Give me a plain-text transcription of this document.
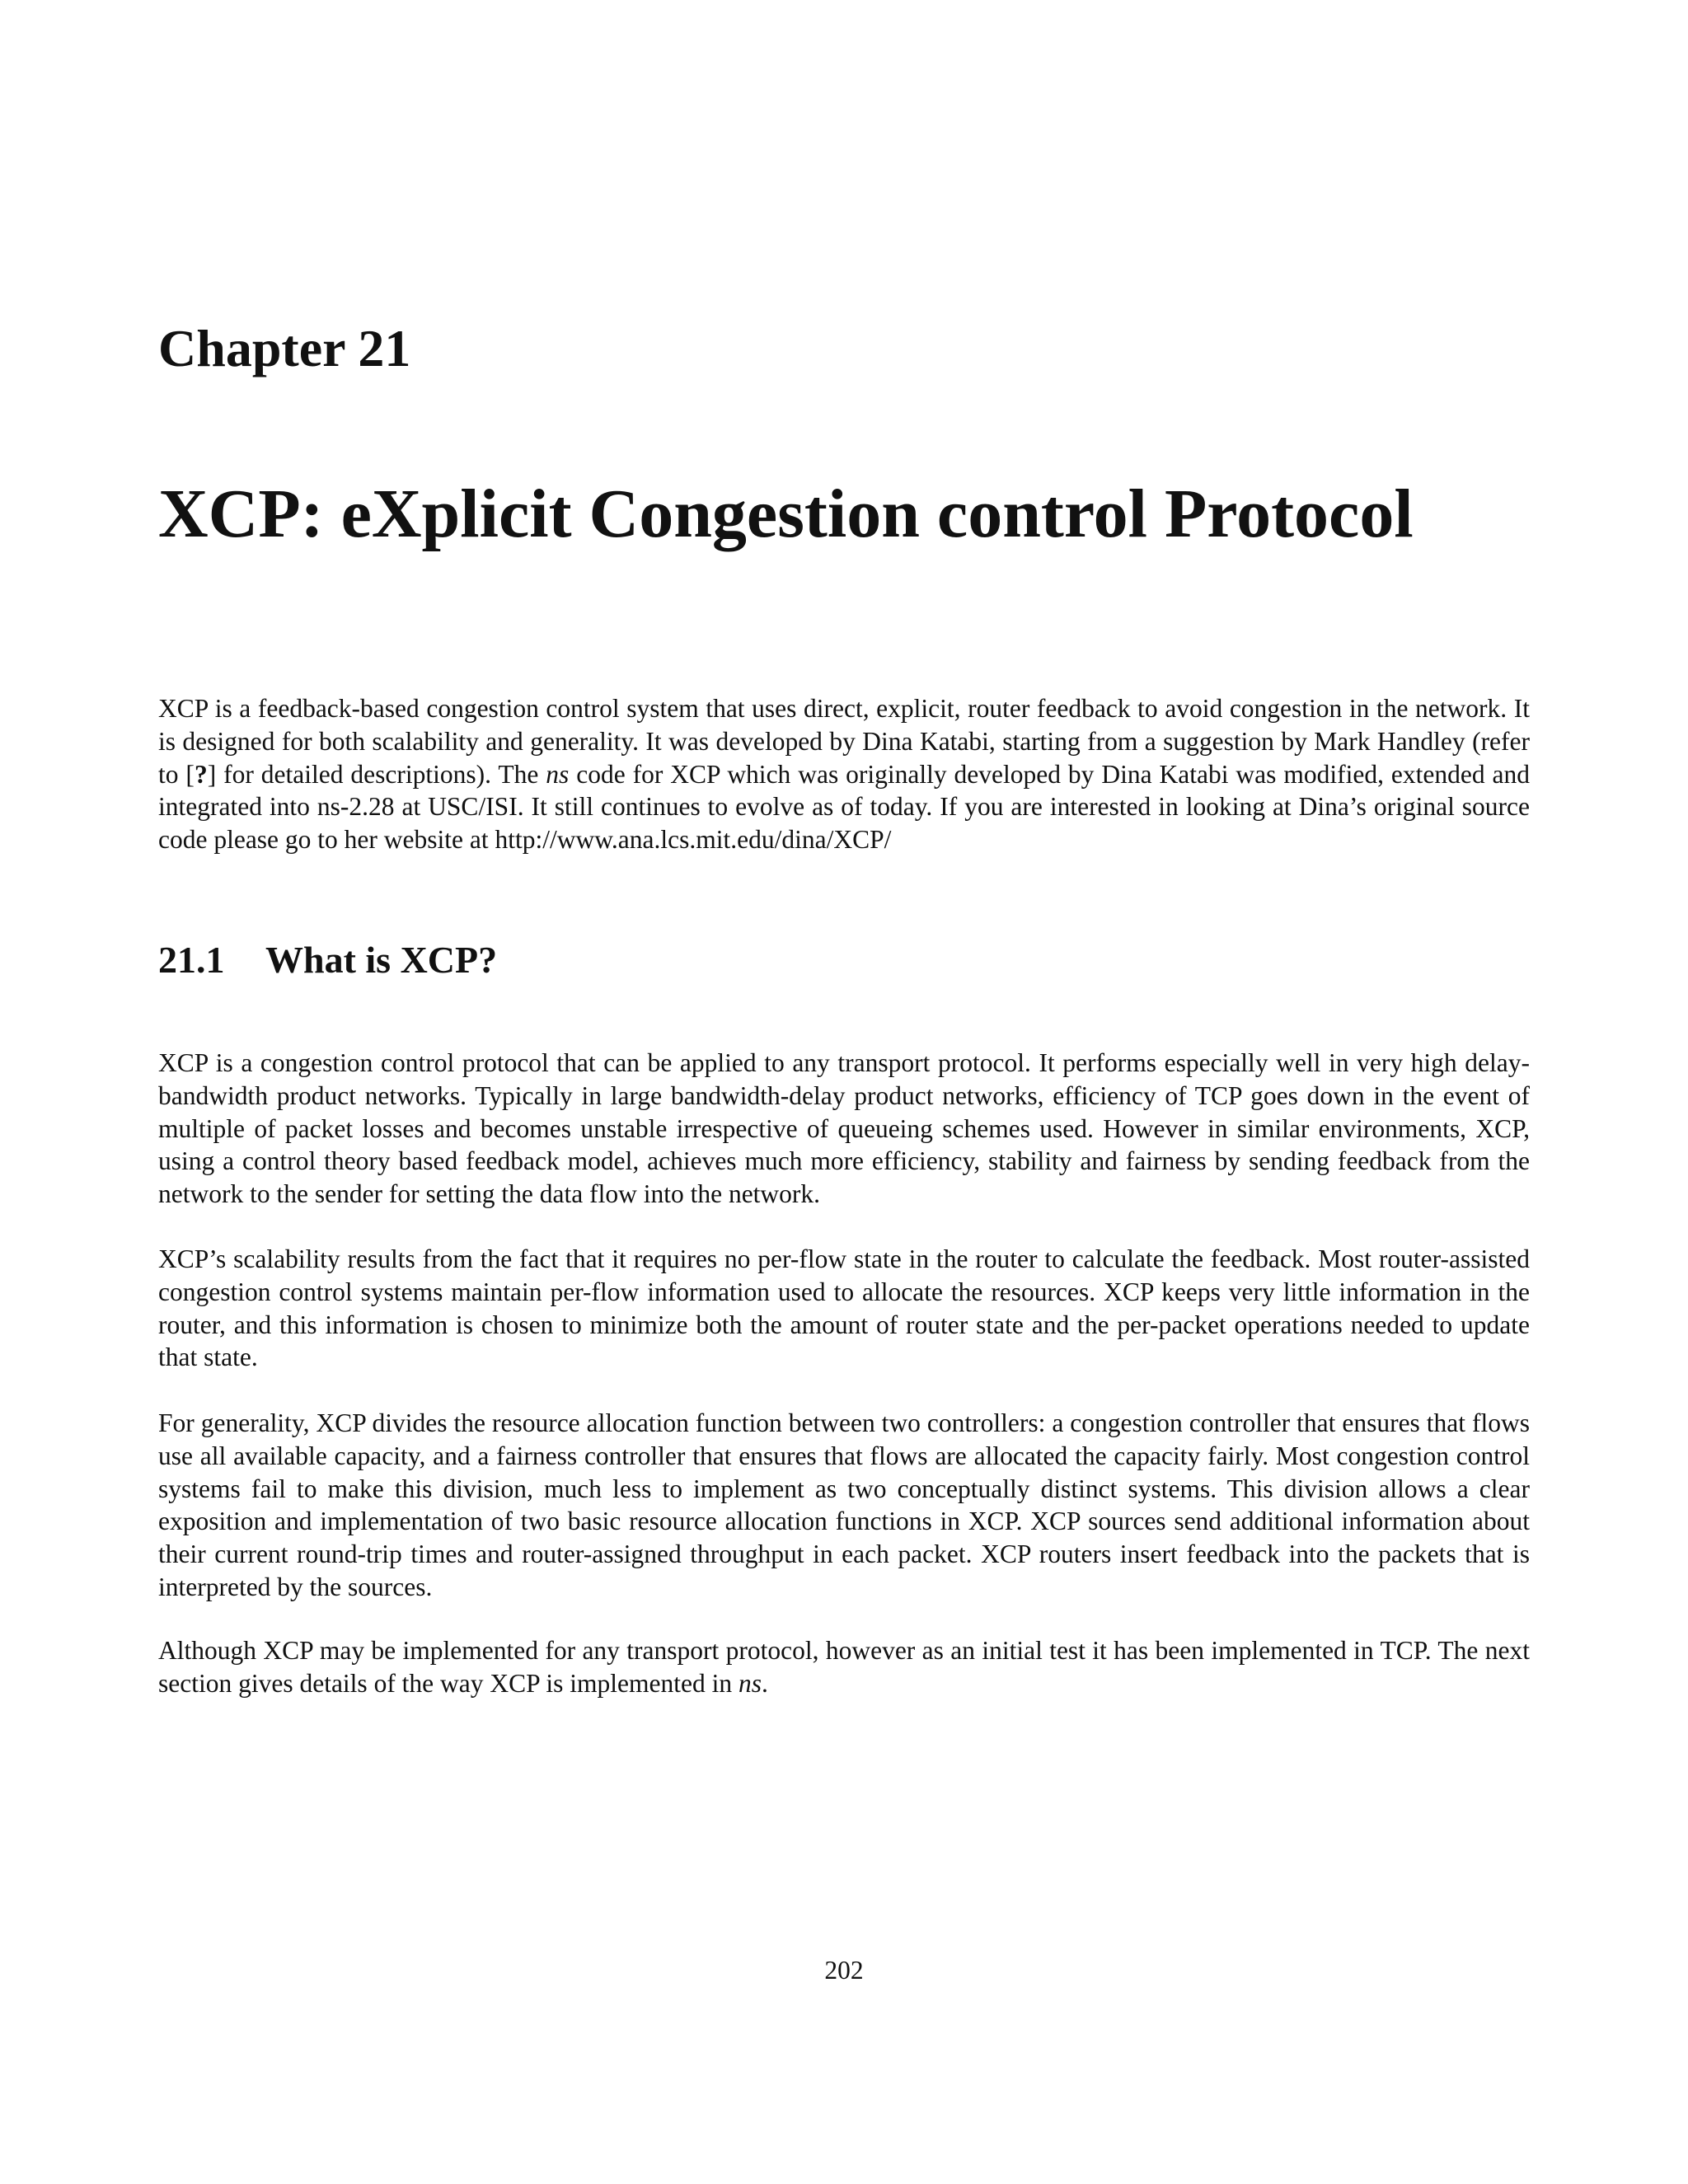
Chapter 21
XCP: eXplicit Congestion control Protocol

XCP is a feedback-based congestion control system that uses direct, explicit, router feedback to avoid congestion in the network. It is designed for both scalability and generality. It was developed by Dina Katabi, starting from a suggestion by Mark Handley (refer to [?] for detailed descriptions). The ns code for XCP which was originally developed by Dina Katabi was modified, extended and integrated into ns-2.28 at USC/ISI. It still continues to evolve as of today. If you are interested in looking at Dina’s original source code please go to her website at http://www.ana.lcs.mit.edu/dina/XCP/

21.1 What is XCP?

XCP is a congestion control protocol that can be applied to any transport protocol. It performs especially well in very high delay-bandwidth product networks. Typically in large bandwidth-delay product networks, efficiency of TCP goes down in the event of multiple of packet losses and becomes unstable irrespective of queueing schemes used. However in similar environments, XCP, using a control theory based feedback model, achieves much more efficiency, stability and fairness by sending feedback from the network to the sender for setting the data flow into the network.

XCP’s scalability results from the fact that it requires no per-flow state in the router to calculate the feedback. Most router-assisted congestion control systems maintain per-flow information used to allocate the resources. XCP keeps very little information in the router, and this information is chosen to minimize both the amount of router state and the per-packet operations needed to update that state.

For generality, XCP divides the resource allocation function between two controllers: a congestion controller that ensures that flows use all available capacity, and a fairness controller that ensures that flows are allocated the capacity fairly. Most congestion control systems fail to make this division, much less to implement as two conceptually distinct systems. This division allows a clear exposition and implementation of two basic resource allocation functions in XCP. XCP sources send additional information about their current round-trip times and router-assigned throughput in each packet. XCP routers insert feedback into the packets that is interpreted by the sources.

Although XCP may be implemented for any transport protocol, however as an initial test it has been implemented in TCP. The next section gives details of the way XCP is implemented in ns.

202
